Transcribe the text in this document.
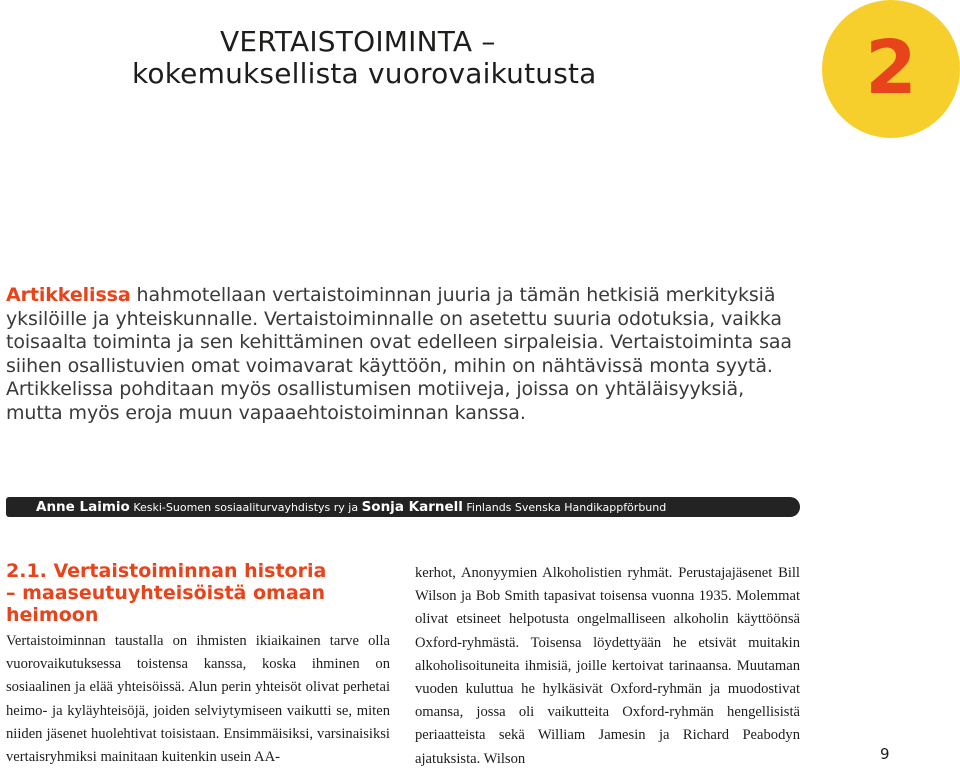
VERTAISTOIMINTA –
kokemuksellista vuorovaikutusta	2

Artikkelissa hahmotellaan vertaistoiminnan juuria ja tämän hetkisiä merkityksiä yksilöille ja yhteiskunnalle. Vertaistoiminnalle on asetettu suuria odotuksia, vaikka toisaalta toiminta ja sen kehittäminen ovat edelleen sirpaleisia. Vertaistoiminta saa siihen osallistuvien omat voimavarat käyttöön, mihin on nähtävissä monta syytä. Artikkelissa pohditaan myös osallistumisen motiiveja, joissa on yhtäläisyyksiä, mutta myös eroja muun vapaaehtoistoiminnan kanssa.

Anne Laimio Keski-Suomen sosiaaliturvayhdistys ry ja Sonja Karnell Finlands Svenska Handikappförbund
2.1. Vertaistoiminnan historia
– maaseutuyhteisöistä omaan heimoon

Vertaistoiminnan taustalla on ihmisten ikiaikainen tarve olla vuorovaikutuksessa toistensa kanssa, koska ihminen on sosiaalinen ja elää yhteisöissä. Alun perin yhteisöt olivat perhetai heimo- ja kyläyhteisöjä, joiden selviytymiseen vaikutti se, miten niiden jäsenet huolehtivat toisistaan. Ensimmäisiksi, varsinaisiksi vertaisryhmiksi mainitaan kuitenkin usein AA-

kerhot, Anonyymien Alkoholistien ryhmät. Perustajajäsenet Bill Wilson ja Bob Smith tapasivat toisensa vuonna 1935. Molemmat olivat etsineet helpotusta ongelmalliseen alkoholin käyttöönsä Oxford-ryhmästä. Toisensa löydettyään he etsivät muitakin alkoholisoituneita ihmisiä, joille kertoivat tarinaansa. Muutaman vuoden kuluttua he hylkäsivät Oxford-ryhmän ja muodostivat omansa, jossa oli vaikutteita Oxford-ryhmän hengellisistä periaatteista sekä William Jamesin ja Richard Peabodyn ajatuksista. Wilson	9
